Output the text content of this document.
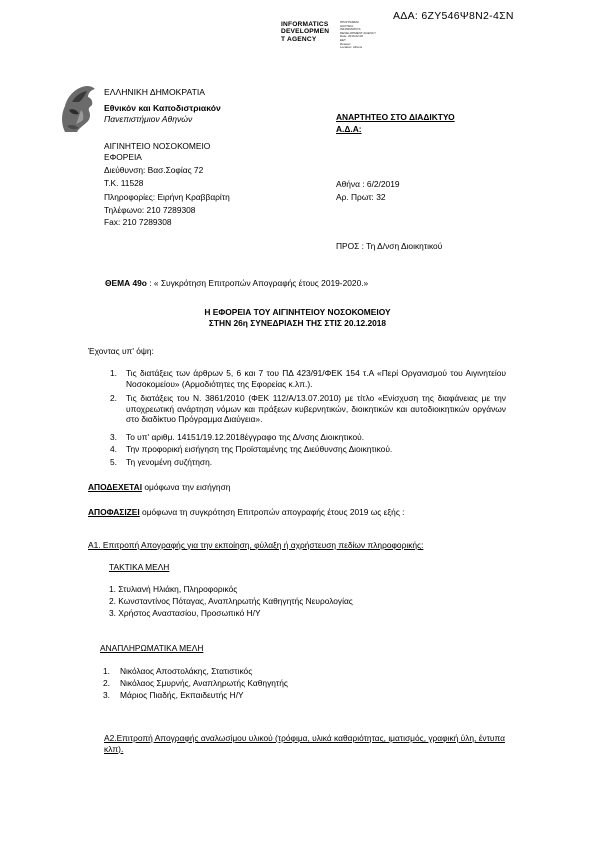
ΑΔΑ: 6ΖΥ546Ψ8Ν2-4ΣΝ
INFORMATICS
DEVELOPMEN
T AGENCY
ΠΡΟΓΡΑΜΜΑ
ΔΙΑΥΓΕΙΑ
INFORMATICS
DEVELOPMENT AGENCY
Date: 2019.02.06
EET
Reason:
Location: Athens
ΕΛΛΗΝΙΚΗ ΔΗΜΟΚΡΑΤΙΑ
Εθνικόν και Καποδιστριακόν
Πανεπιστήμιον Αθηνών
ΑΙΓΙΝΗΤΕΙΟ ΝΟΣΟΚΟΜΕΙΟ
ΕΦΟΡΕΙΑ
Διεύθυνση: Βασ.Σοφίας 72
Τ.Κ. 11528
Πληροφορίες: Ειρήνη Κραββαρίτη
Τηλέφωνο: 210 7289308
Fax: 210 7289308
ΑΝΑΡΤΗΤΕΟ ΣΤΟ ΔΙΑΔΙΚΤΥΟ
Α.Δ.Α:
Αθήνα : 6/2/2019
Αρ. Πρωτ: 32
ΠΡΟΣ : Τη Δ/νση Διοικητικού
ΘΕΜΑ 49ο : « Συγκρότηση Επιτροπών Απογραφής έτους 2019-2020.»
Η ΕΦΟΡΕΙΑ ΤΟΥ ΑΙΓΙΝΗΤΕΙΟΥ ΝΟΣΟΚΟΜΕΙΟΥ
ΣΤΗΝ 26η ΣΥΝΕΔΡΙΑΣΗ ΤΗΣ ΣΤΙΣ 20.12.2018
Έχοντας υπ' όψη:
1. Τις διατάξεις των άρθρων 5, 6 και 7 του ΠΔ 423/91/ΦΕΚ 154 τ.Α «Περί Οργανισμού του Αιγινητείου Νοσοκομείου» (Αρμοδιότητες της Εφορείας κ.λπ.).
2. Τις διατάξεις του Ν. 3861/2010 (ΦΕΚ 112/Α/13.07.2010) με τίτλο «Ενίσχυση της διαφάνειας με την υποχρεωτική ανάρτηση νόμων και πράξεων κυβερνητικών, διοικητικών και αυτοδιοικητικών οργάνων στο διαδίκτυο Πρόγραμμα Διαύγεια».
3. Το υπ' αριθμ. 14151/19.12.2018έγγραφο της Δ/νσης Διοικητικού.
4. Την προφορική εισήγηση της Προϊσταμένης της Διεύθυνσης Διοικητικού.
5. Τη γενομένη συζήτηση.
ΑΠΟΔΕΧΕΤΑΙ ομόφωνα την εισήγηση
ΑΠΟΦΑΣΙΖΕΙ ομόφωνα τη συγκρότηση Επιτροπών απογραφής έτους 2019 ως εξής :
Α1. Επιτροπή Απογραφής για την εκποίηση, φύλαξη ή αχρήστευση πεδίων πληροφορικής:
ΤΑΚΤΙΚΑ ΜΕΛΗ
1. Στυλιανή Ηλιάκη, Πληροφορικός
2. Κωνσταντίνος Πόταγας, Αναπληρωτής Καθηγητής Νευρολογίας
3. Χρήστος Αναστασίου, Προσωπικό Η/Υ
ΑΝΑΠΛΗΡΩΜΑΤΙΚΑ ΜΕΛΗ
1. Νικόλαος Αποστολάκης, Στατιστικός
2. Νικόλαος Σμυρνής, Αναπληρωτής Καθηγητής
3. Μάριος Πιαδής, Εκπαιδευτής Η/Υ
Α2.Επιτροπή Απογραφής αναλωσίμου υλικού (τρόφιμα, υλικά καθαριότητας, ιματισμός, γραφική ύλη, έντυπα κλπ).
